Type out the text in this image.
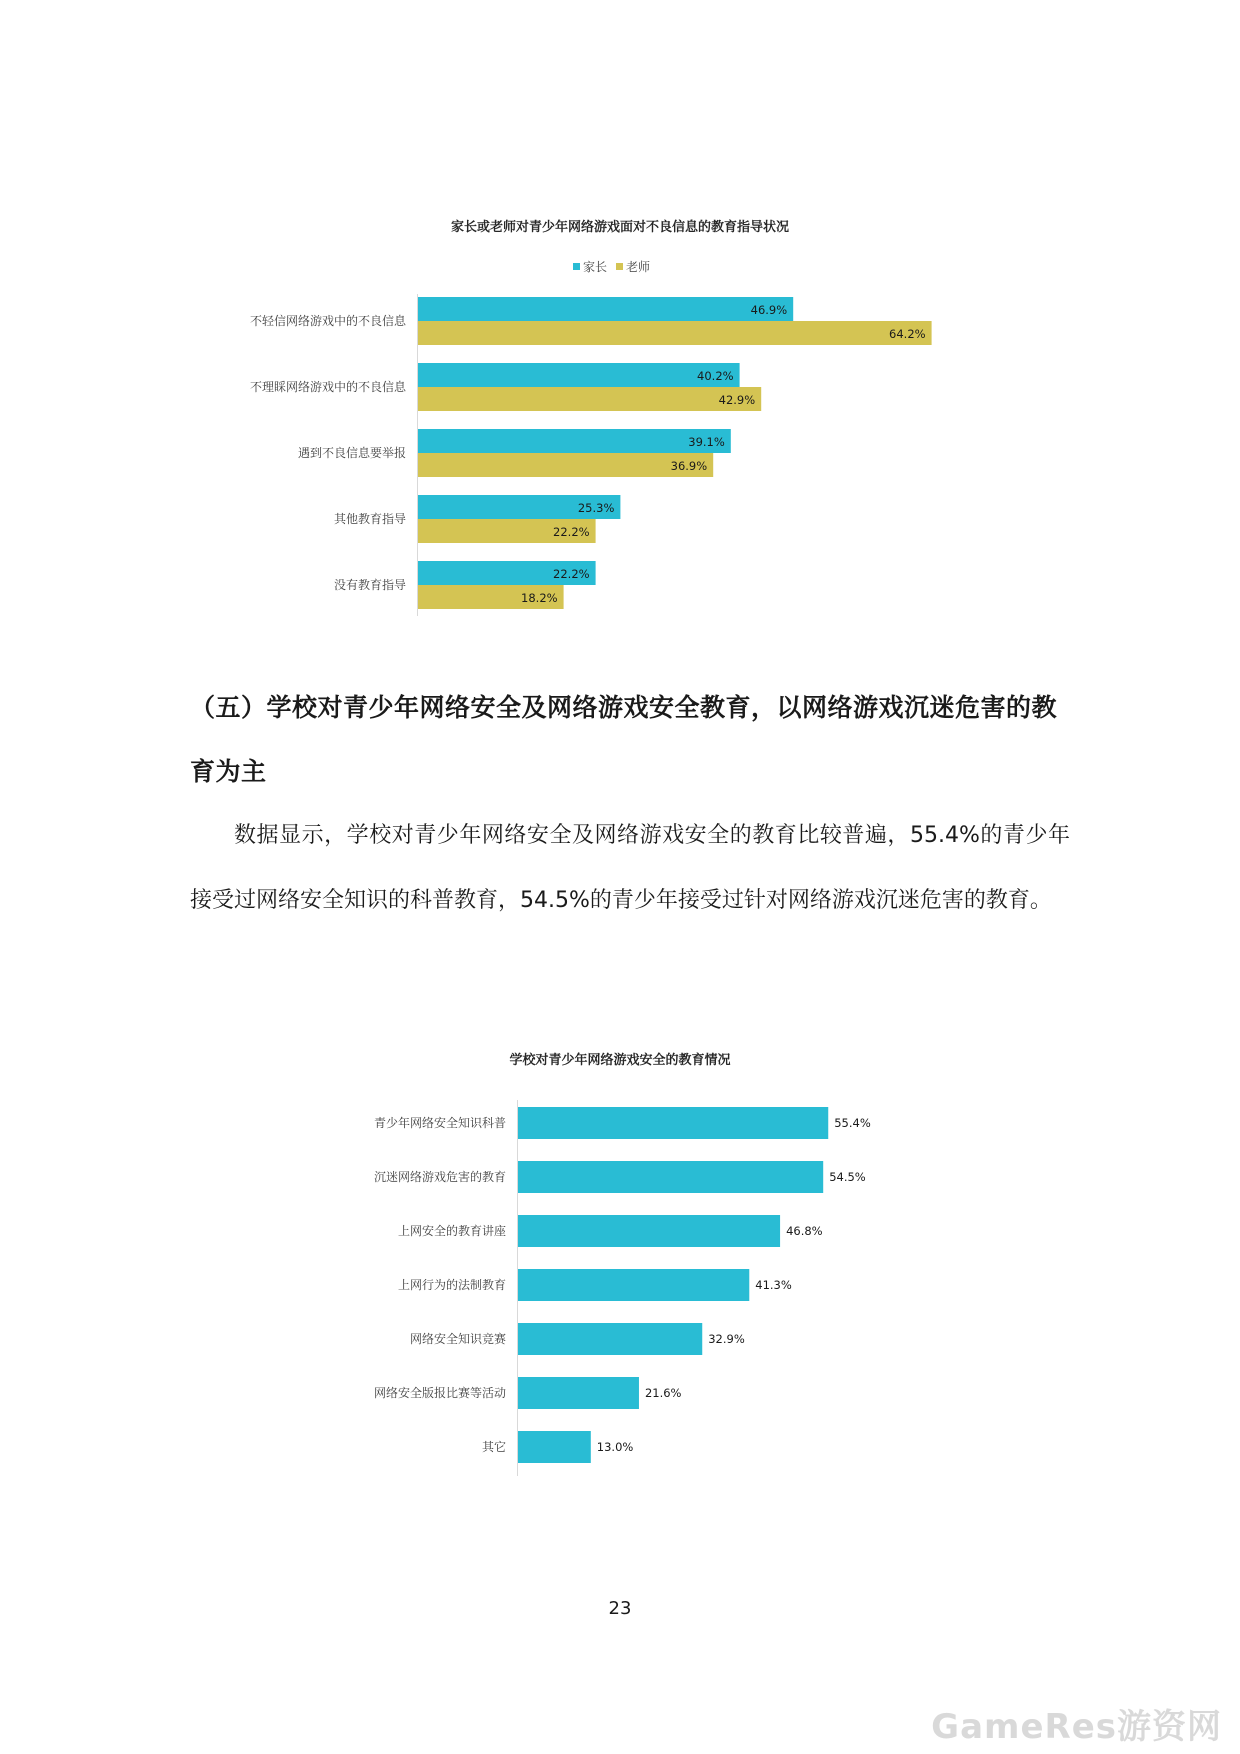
家长或老师对青少年网络游戏面对不良信息的教育指导状况
家长 老师
不轻信网络游戏中的不良信息
46.9%
64.2%
不理睬网络游戏中的不良信息
40.2%
42.9%
遇到不良信息要举报
39.1%
36.9%
其他教育指导
25.3%
22.2%
没有教育指导
22.2%
18.2%
学校对青少年网络游戏安全的教育情况
青少年网络安全知识科普	55.4%
沉迷网络游戏危害的教育	54.5%
上网安全的教育讲座	46.8%
上网行为的法制教育	41.3%
网络安全知识竞赛	32.9%
网络安全版报比赛等活动	21.6%
其它	13.0%
（五）学校对青少年网络安全及网络游戏安全教育，以网络游戏沉迷危害的教育为主
数据显示，学校对青少年网络安全及网络游戏安全的教育比较普遍，55.4%的青少年接受过网络安全知识的科普教育，54.5%的青少年接受过针对网络游戏沉迷危害的教育。
23
GameRes游资网
